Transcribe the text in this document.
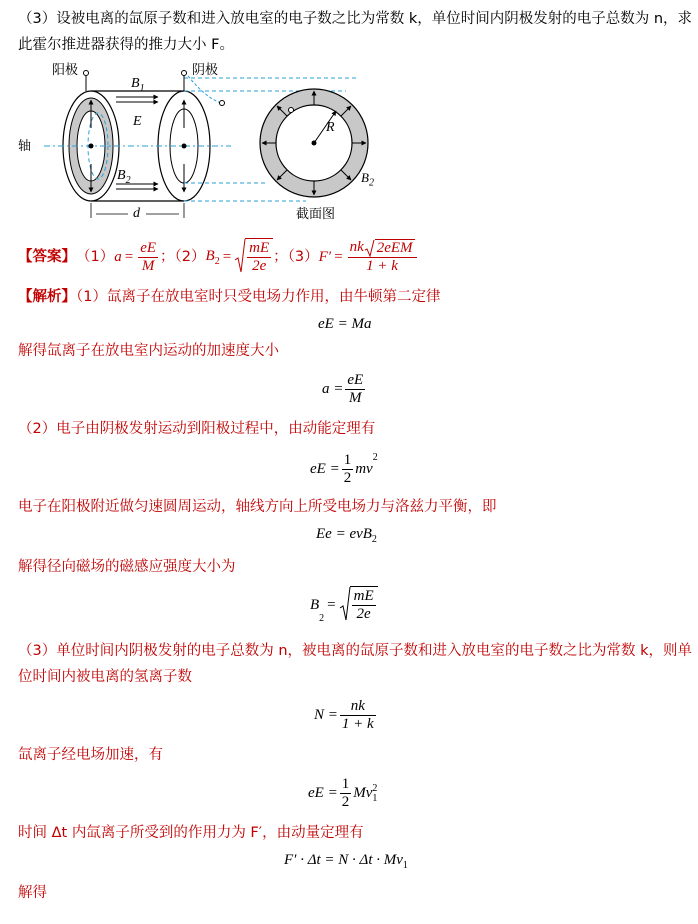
（3）设被电离的氙原子数和进入放电室的电子数之比为常数 k，单位时间内阴极发射的电子总数为 n，求
此霍尔推进器获得的推力大小 F。
阳极	阴极
轴
$B_1$
E
$B_2$
d
R
$B_2$
截面图
【答案】 （1） $a = \frac{eE}{M}$ ；（2） $B_2 = \frac{mE}{2e}$ ；（3） $F' = \frac{\text{nk 2eEM}}{1 + k}$
【解析】（1）氙离子在放电室时只受电场力作用，由牛顿第二定律
eE = Ma
解得氙离子在放电室内运动的加速度大小
$a = \frac{eE}{M}$
（2）电子由阴极发射运动到阳极过程中，由动能定理有
eE = $\frac{1}{2}$ mv
$^2$
电子在阳极附近做匀速圆周运动，轴线方向上所受电场力与洛兹力平衡，即
Ee = evB$_2$
解得径向磁场的磁感应强度大小为
B
$_2$
= $\frac{mE}{2e}$
（3）单位时间内阴极发射的电子总数为 n，被电离的氙原子数和进入放电室的电子数之比为常数 k，则单
位时间内被电离的氢离子数
$N = \frac{nk}{1 + k}$
氙离子经电场加速，有
eE = $\frac{1}{2}$ Mv 2
1
时间 Δt 内氙离子所受到的作用力为 F′，由动量定理有
$F' \cdot \Delta t = N \cdot \Delta t \cdot Mv_1$
解得
